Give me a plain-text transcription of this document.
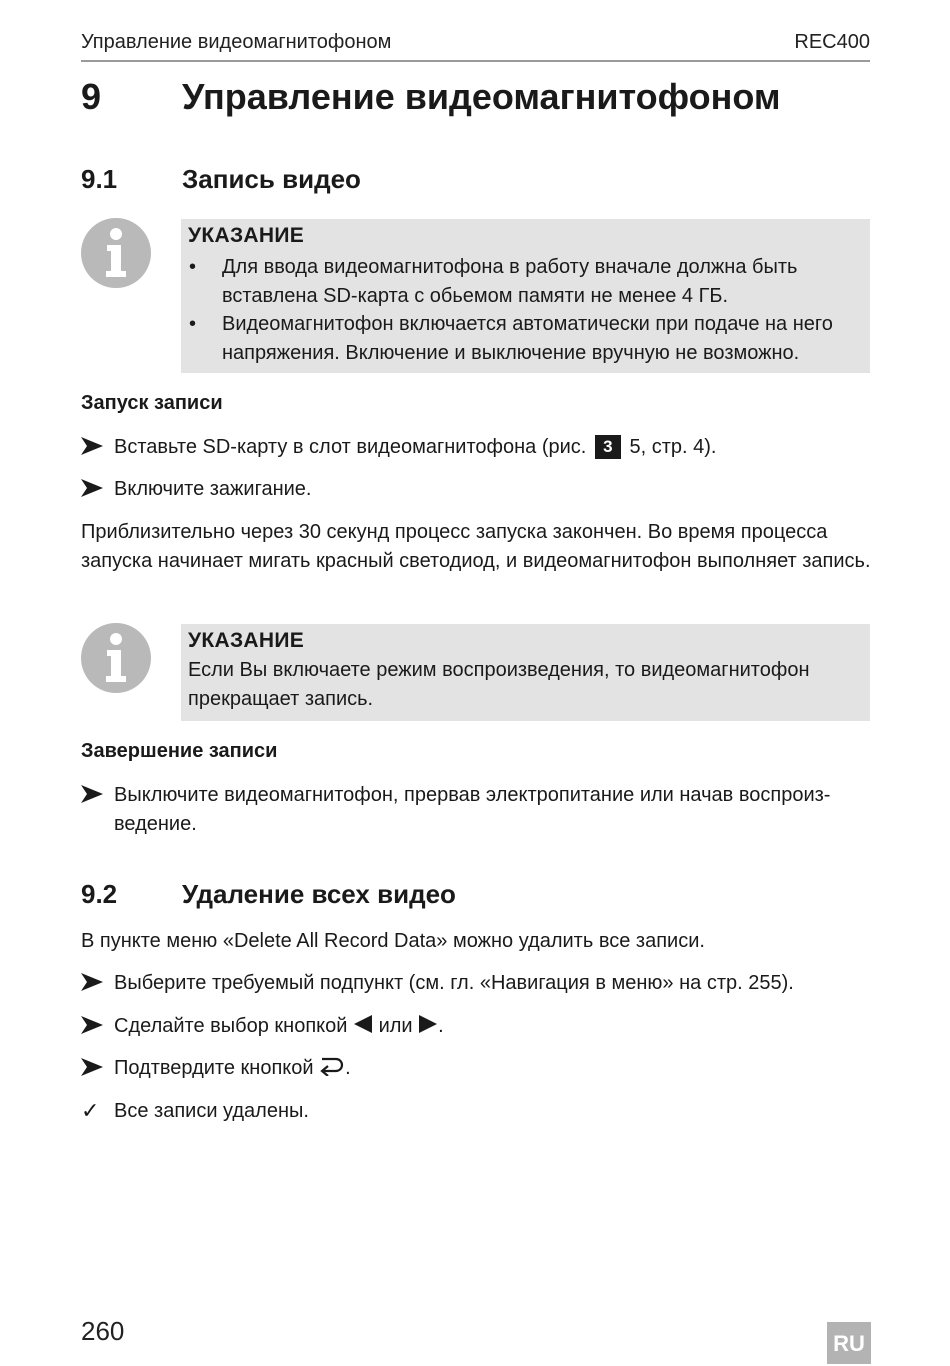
Управление видеомагнитофоном	REC400
9 Управление видеомагнитофоном
9.1 Запись видео
УКАЗАНИЕ
• Для ввода видеомагнитофона в работу вначале должна быть вставлена SD-карта с обьемом памяти не менее 4 ГБ.
• Видеомагнитофон включается автоматически при подаче на него напряжения. Включение и выключение вручную не возможно.
Запуск записи
Вставьте SD-карту в слот видеомагнитофона (рис. 3 5, стр. 4).
Включите зажигание.
Приблизительно через 30 секунд процесс запуска закончен. Во время процесса запуска начинает мигать красный светодиод, и видеомагнитофон выполняет запись.
УКАЗАНИЕ
Если Вы включаете режим воспроизведения, то видеомагнитофон прекращает запись.
Завершение записи
Выключите видеомагнитофон, прервав электропитание или начав воспроиз-ведение.
9.2 Удаление всех видео
В пункте меню «Delete All Record Data» можно удалить все записи.
Выберите требуемый подпункт (см. гл. «Навигация в меню» на стр. 255).
Сделайте выбор кнопкой или .
Подтвердите кнопкой .
✓ Все записи удалены.
260	RU
